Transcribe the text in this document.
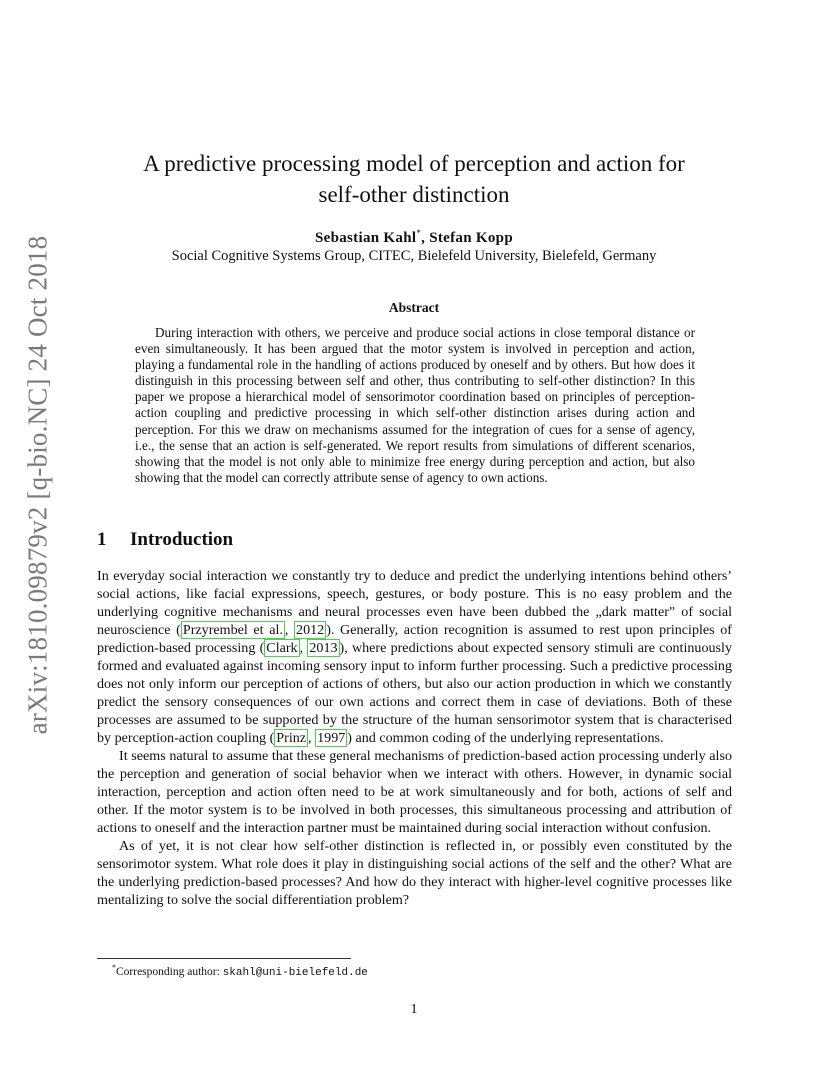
arXiv:1810.09879v2 [q-bio.NC] 24 Oct 2018
A predictive processing model of perception and action for
self-other distinction
Sebastian Kahl*, Stefan Kopp
Social Cognitive Systems Group, CITEC, Bielefeld University, Bielefeld, Germany
Abstract
During interaction with others, we perceive and produce social actions in close temporal distance or even simultaneously. It has been argued that the motor system is involved in perception and action, playing a fundamental role in the handling of actions produced by oneself and by others. But how does it distinguish in this processing between self and other, thus contributing to self-other distinction? In this paper we propose a hierarchical model of sensorimotor coordination based on principles of perception-action coupling and predictive processing in which self-other distinction arises during action and perception. For this we draw on mechanisms assumed for the integration of cues for a sense of agency, i.e., the sense that an action is self-generated. We report results from simulations of different scenarios, showing that the model is not only able to minimize free energy during perception and action, but also showing that the model can correctly attribute sense of agency to own actions.
1 Introduction

In everyday social interaction we constantly try to deduce and predict the underlying intentions behind others’ social actions, like facial expressions, speech, gestures, or body posture. This is no easy problem and the underlying cognitive mechanisms and neural processes even have been dubbed the „dark matter” of social neuroscience ( Przyrembel et al. , 2012 ). Generally, action recognition is assumed to rest upon principles of prediction-based processing ( Clark , 2013 ), where predictions about expected sensory stimuli are continuously formed and evaluated against incoming sensory input to inform further processing. Such a predictive processing does not only inform our perception of actions of others, but also our action production in which we constantly predict the sensory consequences of our own actions and correct them in case of deviations. Both of these processes are assumed to be supported by the structure of the human sensorimotor system that is characterised by perception-action coupling ( Prinz , 1997 ) and common coding of the underlying representations.

It seems natural to assume that these general mechanisms of prediction-based action processing underly also the perception and generation of social behavior when we interact with others. However, in dynamic social interaction, perception and action often need to be at work simultaneously and for both, actions of self and other. If the motor system is to be involved in both processes, this simultaneous processing and attribution of actions to oneself and the interaction partner must be maintained during social interaction without confusion.

As of yet, it is not clear how self-other distinction is reflected in, or possibly even constituted by the sensorimotor system. What role does it play in distinguishing social actions of the self and the other? What are the underlying prediction-based processes? And how do they interact with higher-level cognitive processes like mentalizing to solve the social differentiation problem?

*Corresponding author: skahl@uni-bielefeld.de
1
